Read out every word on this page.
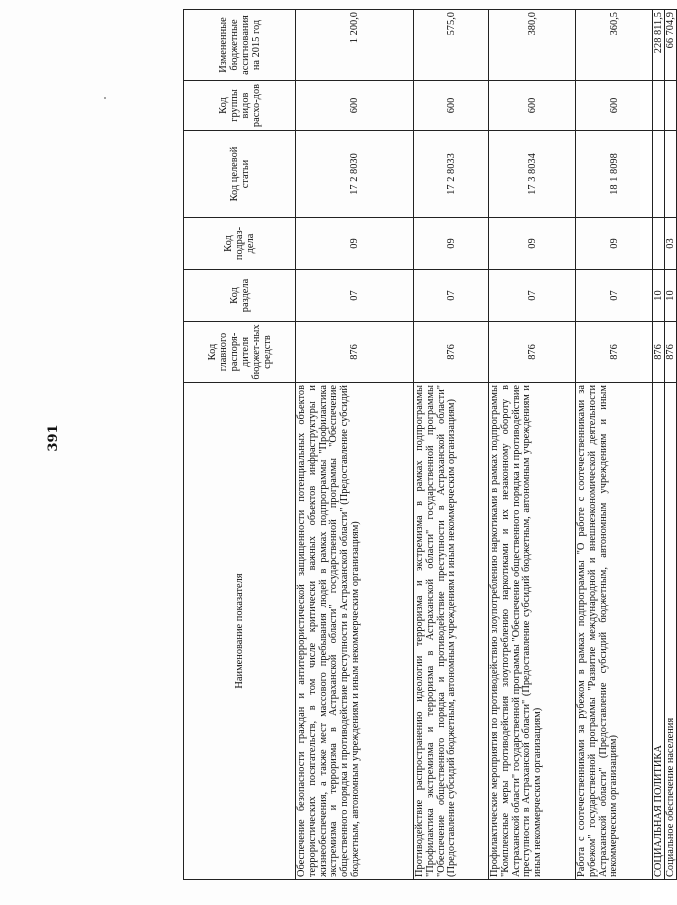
391
Наименование показателя	Код главного распоря-дителя бюджет-ных средств	Код раздела	Код подраз-дела	Код целевой статьи	Код группы видов расхо-дов	Измененные бюджетные ассигнования на 2015 год
Обеспечение безопасности граждан и антитеррористической защищенности потенциальных объектов террористических посягательств, в том числе критически важных объектов инфраструктуры и жизнеобеспечения, а также мест массового пребывания людей в рамках подпрограммы "Профилактика экстремизма и терроризма в Астраханской области" государственной программы "Обеспечение общественного порядка и противодействие преступности в Астраханской области" (Предоставление субсидий бюджетным, автономным учреждениям и иным некоммерческим организациям)	876	07	09	17 2 8030	600	1 200,0
Противодействие распространению идеологии терроризма и экстремизма в рамках подпрограммы "Профилактика экстремизма и терроризма в Астраханской области" государственной программы "Обеспечение общественного порядка и противодействие преступности в Астраханской области" (Предоставление субсидий бюджетным, автономным учреждениям и иным некоммерческим организациям)	876	07	09	17 2 8033	600	575,0
Профилактические мероприятия по противодействию злоупотреблению наркотиками в рамках подпрограммы "Комплексные меры противодействия злоупотреблению наркотиками и их незаконному обороту в Астраханской области" государственной программы "Обеспечение общественного порядка и противодействие преступности в Астраханской области" (Предоставление субсидий бюджетным, автономным учреждениям и иным некоммерческим организациям)	876	07	09	17 3 8034	600	380,0
Работа с соотечественниками за рубежом в рамках подпрограммы "О работе с соотечественниками за рубежом" государственной программы "Развитие международной и внешнеэкономической деятельности Астраханской области" (Предоставление субсидий бюджетным, автономным учреждениям и иным некоммерческим организациям)	876	07	09	18 1 8098	600	360,5
СОЦИАЛЬНАЯ ПОЛИТИКА	876	10				228 811,5
Социальное обеспечение населения	876	10	03			66 704,9
